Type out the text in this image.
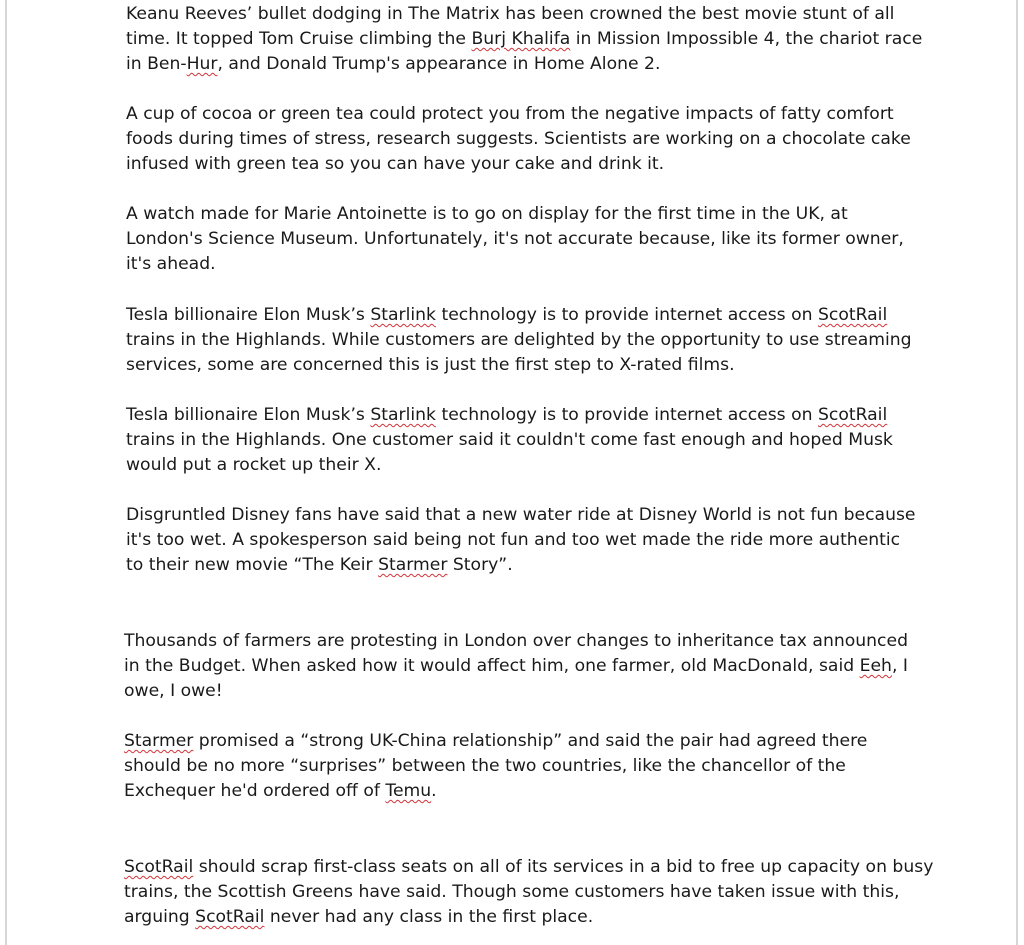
Keanu Reeves’ bullet dodging in The Matrix has been crowned the best movie stunt of all
time. It topped Tom Cruise climbing the Burj Khalifa in Mission Impossible 4, the chariot race
in Ben-Hur, and Donald Trump's appearance in Home Alone 2.

A cup of cocoa or green tea could protect you from the negative impacts of fatty comfort
foods during times of stress, research suggests. Scientists are working on a chocolate cake
infused with green tea so you can have your cake and drink it.

A watch made for Marie Antoinette is to go on display for the first time in the UK, at
London's Science Museum. Unfortunately, it's not accurate because, like its former owner,
it's ahead.

Tesla billionaire Elon Musk’s Starlink technology is to provide internet access on ScotRail
trains in the Highlands. While customers are delighted by the opportunity to use streaming
services, some are concerned this is just the first step to X-rated films.

Tesla billionaire Elon Musk’s Starlink technology is to provide internet access on ScotRail
trains in the Highlands. One customer said it couldn't come fast enough and hoped Musk
would put a rocket up their X.

Disgruntled Disney fans have said that a new water ride at Disney World is not fun because
it's too wet. A spokesperson said being not fun and too wet made the ride more authentic
to their new movie “The Keir Starmer Story”.

Thousands of farmers are protesting in London over changes to inheritance tax announced
in the Budget. When asked how it would affect him, one farmer, old MacDonald, said Eeh, I
owe, I owe!

Starmer promised a “strong UK-China relationship” and said the pair had agreed there
should be no more “surprises” between the two countries, like the chancellor of the
Exchequer he'd ordered off of Temu.

ScotRail should scrap first-class seats on all of its services in a bid to free up capacity on busy
trains, the Scottish Greens have said. Though some customers have taken issue with this,
arguing ScotRail never had any class in the first place.
